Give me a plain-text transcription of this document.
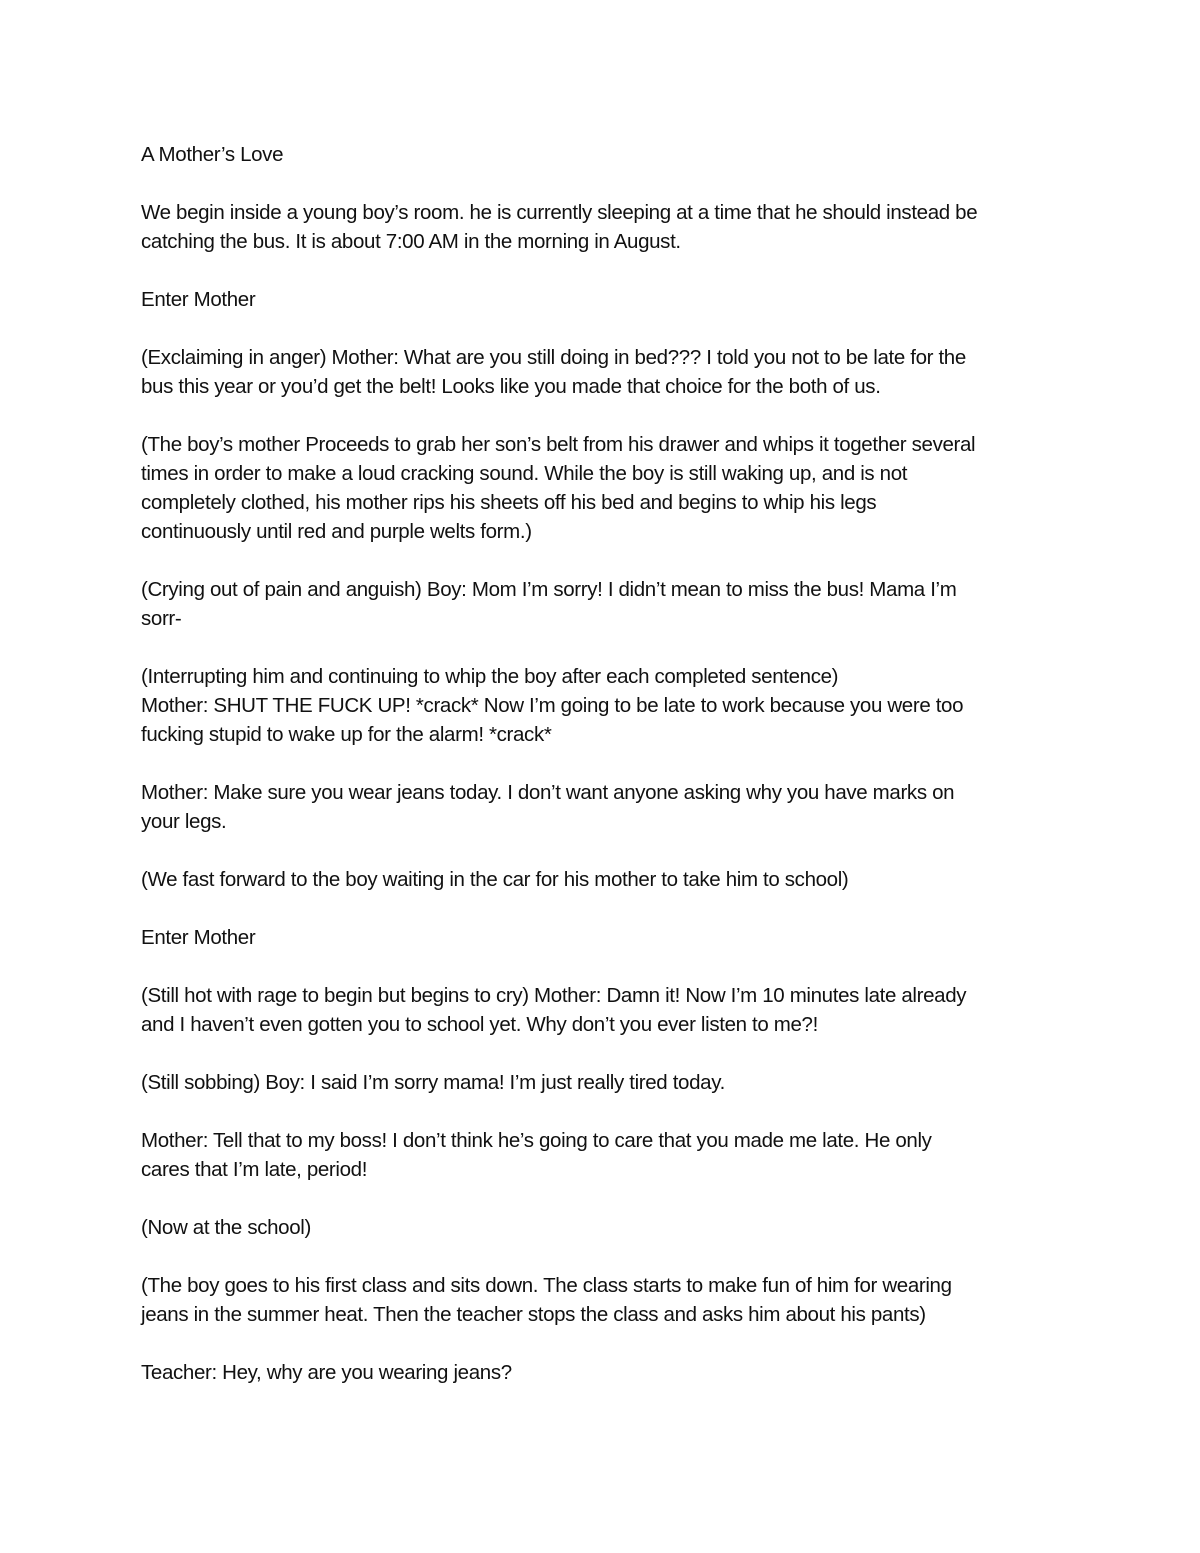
A Mother’s Love

We begin inside a young boy’s room. he is currently sleeping at a time that he should instead be
catching the bus. It is about 7:00 AM in the morning in August.

Enter Mother

(Exclaiming in anger) Mother: What are you still doing in bed??? I told you not to be late for the
bus this year or you’d get the belt! Looks like you made that choice for the both of us.

(The boy’s mother Proceeds to grab her son’s belt from his drawer and whips it together several
times in order to make a loud cracking sound. While the boy is still waking up, and is not
completely clothed, his mother rips his sheets off his bed and begins to whip his legs
continuously until red and purple welts form.)

(Crying out of pain and anguish) Boy: Mom I’m sorry! I didn’t mean to miss the bus! Mama I’m
sorr-

(Interrupting him and continuing to whip the boy after each completed sentence)
Mother: SHUT THE FUCK UP! *crack* Now I’m going to be late to work because you were too
fucking stupid to wake up for the alarm! *crack*

Mother: Make sure you wear jeans today. I don’t want anyone asking why you have marks on
your legs.

(We fast forward to the boy waiting in the car for his mother to take him to school)

Enter Mother

(Still hot with rage to begin but begins to cry) Mother: Damn it! Now I’m 10 minutes late already
and I haven’t even gotten you to school yet. Why don’t you ever listen to me?!

(Still sobbing) Boy: I said I’m sorry mama! I’m just really tired today.

Mother: Tell that to my boss! I don’t think he’s going to care that you made me late. He only
cares that I’m late, period!

(Now at the school)

(The boy goes to his first class and sits down. The class starts to make fun of him for wearing
jeans in the summer heat. Then the teacher stops the class and asks him about his pants)

Teacher: Hey, why are you wearing jeans?
